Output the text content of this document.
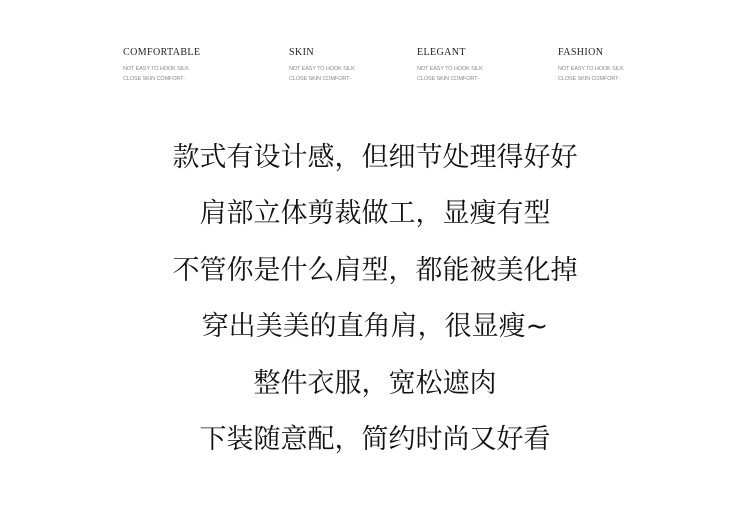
COMFORTABLE
NOT EASY TO HOOK SILK
CLOSE SKIN COMFORT-
SKIN
NOT EASY TO HOOK SILK
CLOSE SKIN COMFORT-
ELEGANT
NOT EASY TO HOOK SILK
CLOSE SKIN COMFORT-
FASHION
NOT EASY TO HOOK SILK
CLOSE SKIN COMFORT-
款式有设计感，但细节处理得好好
肩部立体剪裁做工，显瘦有型
不管你是什么肩型，都能被美化掉
穿出美美的直角肩，很显瘦~
整件衣服，宽松遮肉
下装随意配，简约时尚又好看
